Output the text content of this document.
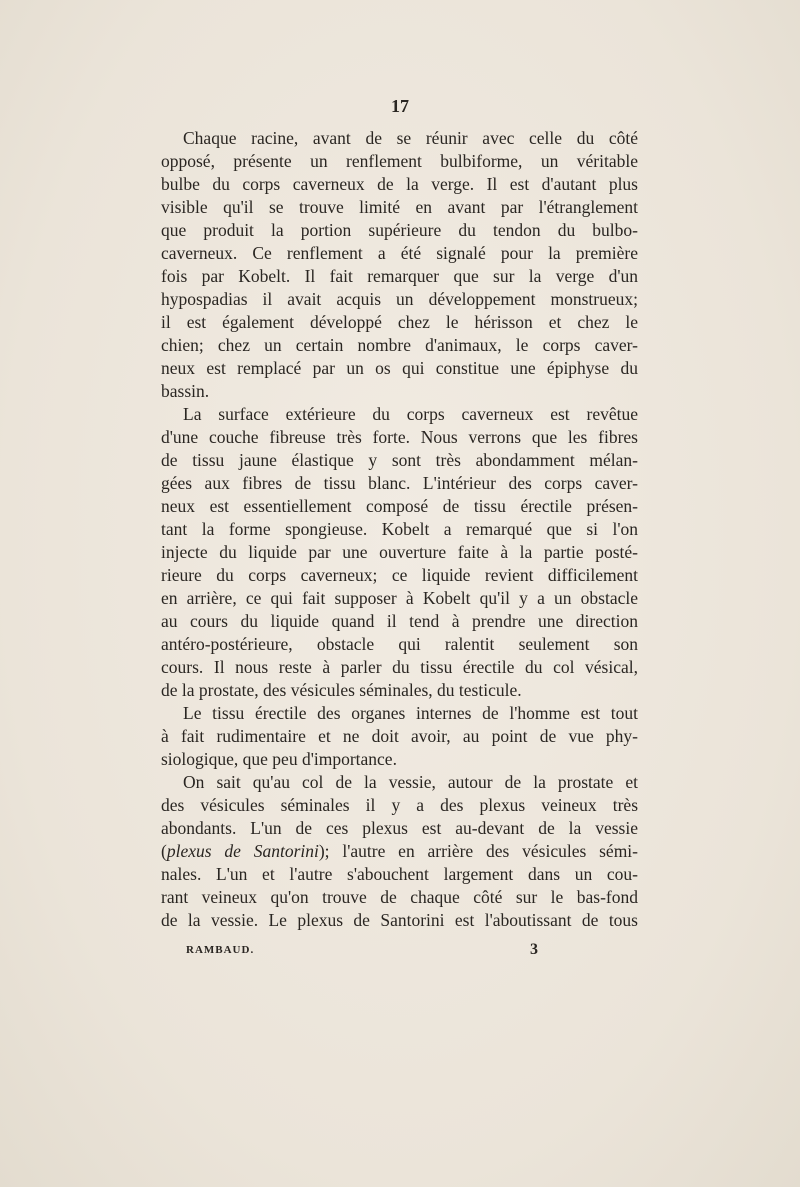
17
Chaque racine, avant de se réunir avec celle du côté
opposé, présente un renflement bulbiforme, un véritable
bulbe du corps caverneux de la verge. Il est d'autant plus
visible qu'il se trouve limité en avant par l'étranglement
que produit la portion supérieure du tendon du bulbo-
caverneux. Ce renflement a été signalé pour la première
fois par Kobelt. Il fait remarquer que sur la verge d'un
hypospadias il avait acquis un développement monstrueux;
il est également développé chez le hérisson et chez le
chien; chez un certain nombre d'animaux, le corps caver-
neux est remplacé par un os qui constitue une épiphyse du
bassin.
La surface extérieure du corps caverneux est revêtue
d'une couche fibreuse très forte. Nous verrons que les fibres
de tissu jaune élastique y sont très abondamment mélan-
gées aux fibres de tissu blanc. L'intérieur des corps caver-
neux est essentiellement composé de tissu érectile présen-
tant la forme spongieuse. Kobelt a remarqué que si l'on
injecte du liquide par une ouverture faite à la partie posté-
rieure du corps caverneux; ce liquide revient difficilement
en arrière, ce qui fait supposer à Kobelt qu'il y a un obstacle
au cours du liquide quand il tend à prendre une direction
antéro-postérieure, obstacle qui ralentit seulement son
cours. Il nous reste à parler du tissu érectile du col vésical,
de la prostate, des vésicules séminales, du testicule.
Le tissu érectile des organes internes de l'homme est tout
à fait rudimentaire et ne doit avoir, au point de vue phy-
siologique, que peu d'importance.
On sait qu'au col de la vessie, autour de la prostate et
des vésicules séminales il y a des plexus veineux très
abondants. L'un de ces plexus est au-devant de la vessie
(plexus de Santorini); l'autre en arrière des vésicules sémi-
nales. L'un et l'autre s'abouchent largement dans un cou-
rant veineux qu'on trouve de chaque côté sur le bas-fond
de la vessie. Le plexus de Santorini est l'aboutissant de tous
RAMBAUD.	3
